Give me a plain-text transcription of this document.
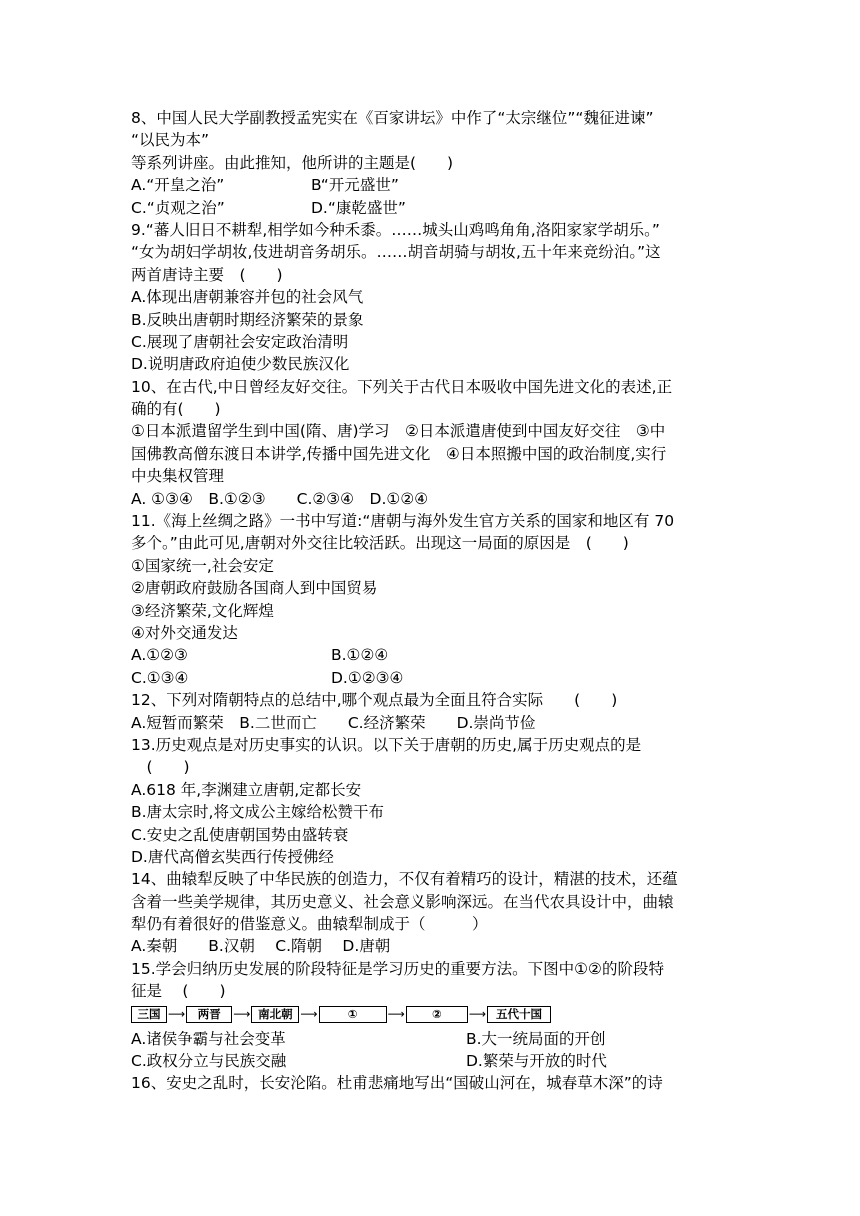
8、中国人民大学副教授孟宪实在《百家讲坛》中作了“太宗继位”“魏征进谏”
“以民为本”
等系列讲座。由此推知，他所讲的主题是(　　)
A.“开皇之治”	B“开元盛世”
C.“贞观之治”	D.“康乾盛世”
9.“蕃人旧日不耕犁,相学如今种禾黍。……城头山鸡鸣角角,洛阳家家学胡乐。”
“女为胡妇学胡妆,伎进胡音务胡乐。……胡音胡骑与胡妆,五十年来竞纷泊。”这
两首唐诗主要　(　　)
A.体现出唐朝兼容并包的社会风气
B.反映出唐朝时期经济繁荣的景象
C.展现了唐朝社会安定政治清明
D.说明唐政府迫使少数民族汉化
10、在古代,中日曾经友好交往。下列关于古代日本吸收中国先进文化的表述,正
确的有(　　)
①日本派遣留学生到中国(隋、唐)学习　②日本派遣唐使到中国友好交往　③中
国佛教高僧东渡日本讲学,传播中国先进文化　④日本照搬中国的政治制度,实行
中央集权管理
A. ①③④　B.①②③　　C.②③④　D.①②④
11.《海上丝绸之路》一书中写道:“唐朝与海外发生官方关系的国家和地区有 70
多个。”由此可见,唐朝对外交往比较活跃。出现这一局面的原因是　(　　)
①国家统一,社会安定
②唐朝政府鼓励各国商人到中国贸易
③经济繁荣,文化辉煌
④对外交通发达
A.①②③	B.①②④
C.①③④	D.①②③④
12、下列对隋朝特点的总结中,哪个观点最为全面且符合实际　　(　　)
A.短暂而繁荣　B.二世而亡　　C.经济繁荣　　D.崇尚节俭
13.历史观点是对历史事实的认识。以下关于唐朝的历史,属于历史观点的是
　(　　)
A.618 年,李渊建立唐朝,定都长安
B.唐太宗时,将文成公主嫁给松赞干布
C.安史之乱使唐朝国势由盛转衰
D.唐代高僧玄奘西行传授佛经
14、曲辕犁反映了中华民族的创造力，不仅有着精巧的设计，精湛的技术，还蕴
含着一些美学规律，其历史意义、社会意义影响深远。在当代农具设计中，曲辕
犁仍有着很好的借鉴意义。曲辕犁制成于（　　　）
A.秦朝　　B.汉朝　 C.隋朝　 D.唐朝
15.学会归纳历史发展的阶段特征是学习历史的重要方法。下图中①②的阶段特
征是　 (　　)
三国 ⟶	两晋	⟶ 南北朝 ⟶	①	⟶	②	⟶ 五代十国
A.诸侯争霸与社会变革	B.大一统局面的开创
C.政权分立与民族交融	D.繁荣与开放的时代
16、安史之乱时，长安沦陷。杜甫悲痛地写出“国破山河在，城春草木深”的诗
